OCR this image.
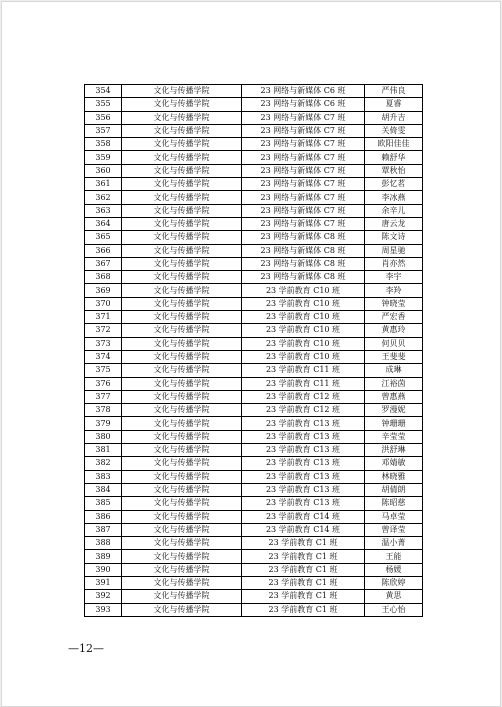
354	文化与传播学院	23 网络与新媒体 C6 班	严伟良
355	文化与传播学院	23 网络与新媒体 C6 班	夏睿
356	文化与传播学院	23 网络与新媒体 C7 班	胡升吉
357	文化与传播学院	23 网络与新媒体 C7 班	关倚雯
358	文化与传播学院	23 网络与新媒体 C7 班	欧阳佳佳
359	文化与传播学院	23 网络与新媒体 C7 班	赖舒华
360	文化与传播学院	23 网络与新媒体 C7 班	覃秋怡
361	文化与传播学院	23 网络与新媒体 C7 班	彭忆茗
362	文化与传播学院	23 网络与新媒体 C7 班	李冰燕
363	文化与传播学院	23 网络与新媒体 C7 班	余辛儿
364	文化与传播学院	23 网络与新媒体 C7 班	唐云龙
365	文化与传播学院	23 网络与新媒体 C8 班	陈文诗
366	文化与传播学院	23 网络与新媒体 C8 班	周星驰
367	文化与传播学院	23 网络与新媒体 C8 班	肖亦然
368	文化与传播学院	23 网络与新媒体 C8 班	李宇
369	文化与传播学院	23 学前教育 C10 班	李羚
370	文化与传播学院	23 学前教育 C10 班	钟晓莹
371	文化与传播学院	23 学前教育 C10 班	严宏香
372	文化与传播学院	23 学前教育 C10 班	黄惠玲
373	文化与传播学院	23 学前教育 C10 班	何贝贝
374	文化与传播学院	23 学前教育 C10 班	王斐斐
375	文化与传播学院	23 学前教育 C11 班	成琳
376	文化与传播学院	23 学前教育 C11 班	江裕茵
377	文化与传播学院	23 学前教育 C12 班	曾惠燕
378	文化与传播学院	23 学前教育 C12 班	罗漫妮
379	文化与传播学院	23 学前教育 C13 班	钟珊珊
380	文化与传播学院	23 学前教育 C13 班	辛莹莹
381	文化与传播学院	23 学前教育 C13 班	洪舒琳
382	文化与传播学院	23 学前教育 C13 班	邓婧敏
383	文化与传播学院	23 学前教育 C13 班	林晓雅
384	文化与传播学院	23 学前教育 C13 班	胡倩朗
385	文化与传播学院	23 学前教育 C13 班	陈昭慈
386	文化与传播学院	23 学前教育 C14 班	马卓莹
387	文化与传播学院	23 学前教育 C14 班	曾译莹
388	文化与传播学院	23 学前教育 C1 班	温小菁
389	文化与传播学院	23 学前教育 C1 班	王能
390	文化与传播学院	23 学前教育 C1 班	杨媛
391	文化与传播学院	23 学前教育 C1 班	陈欣婷
392	文化与传播学院	23 学前教育 C1 班	黄思
393	文化与传播学院	23 学前教育 C1 班	王心怡
—12—
